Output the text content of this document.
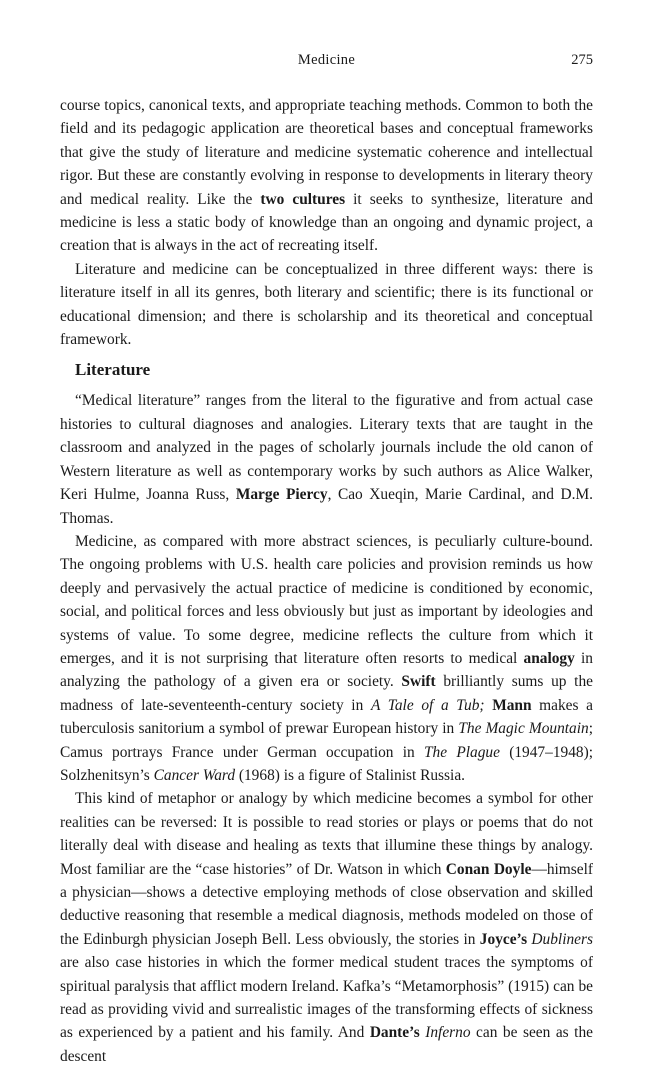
Medicine	275

course topics, canonical texts, and appropriate teaching methods. Common to both the field and its pedagogic application are theoretical bases and conceptual frameworks that give the study of literature and medicine systematic coherence and intellectual rigor. But these are constantly evolving in response to developments in literary theory and medical reality. Like the two cultures it seeks to synthesize, literature and medicine is less a static body of knowledge than an ongoing and dynamic project, a creation that is always in the act of recreating itself.

Literature and medicine can be conceptualized in three different ways: there is literature itself in all its genres, both literary and scientific; there is its functional or educational dimension; and there is scholarship and its theoretical and conceptual framework.

Literature

“Medical literature” ranges from the literal to the figurative and from actual case histories to cultural diagnoses and analogies. Literary texts that are taught in the classroom and analyzed in the pages of scholarly journals include the old canon of Western literature as well as contemporary works by such authors as Alice Walker, Keri Hulme, Joanna Russ, Marge Piercy, Cao Xueqin, Marie Cardinal, and D.M. Thomas.

Medicine, as compared with more abstract sciences, is peculiarly culture-bound. The ongoing problems with U.S. health care policies and provision reminds us how deeply and pervasively the actual practice of medicine is conditioned by economic, social, and political forces and less obviously but just as important by ideologies and systems of value. To some degree, medicine reflects the culture from which it emerges, and it is not surprising that literature often resorts to medical analogy in analyzing the pathology of a given era or society. Swift brilliantly sums up the madness of late-seventeenth-century society in A Tale of a Tub; Mann makes a tuberculosis sanitorium a symbol of prewar European history in The Magic Mountain; Camus portrays France under German occupation in The Plague (1947–1948); Solzhenitsyn’s Cancer Ward (1968) is a figure of Stalinist Russia.

This kind of metaphor or analogy by which medicine becomes a symbol for other realities can be reversed: It is possible to read stories or plays or poems that do not literally deal with disease and healing as texts that illumine these things by analogy. Most familiar are the “case histories” of Dr. Watson in which Conan Doyle—himself a physician—shows a detective employing methods of close observation and skilled deductive reasoning that resemble a medical diagnosis, methods modeled on those of the Edinburgh physician Joseph Bell. Less obviously, the stories in Joyce’s Dubliners are also case histories in which the former medical student traces the symptoms of spiritual paralysis that afflict modern Ireland. Kafka’s “Metamorphosis” (1915) can be read as providing vivid and surrealistic images of the transforming effects of sickness as experienced by a patient and his family. And Dante’s Inferno can be seen as the descent
